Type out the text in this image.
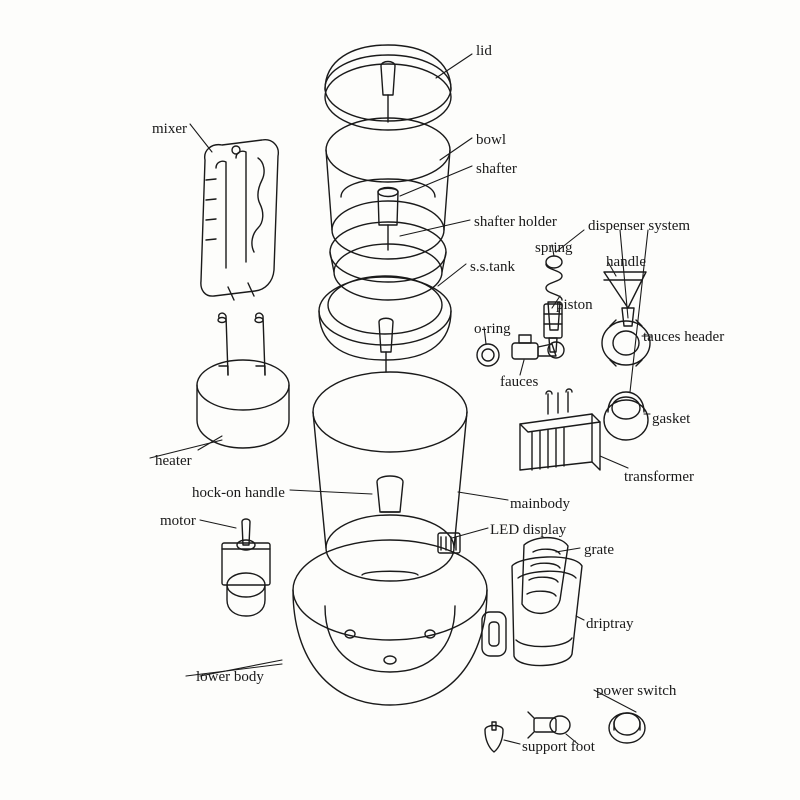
lid
mixer
bowl
shafter
shafter holder dispenser system
spring
handle
s.s.tank
piston
o-ring	tauces header
fauces
gasket
heater
transformer
hock-on handle
mainbody
motor
LED display
grate
driptray
lower body
power switch
support foot
